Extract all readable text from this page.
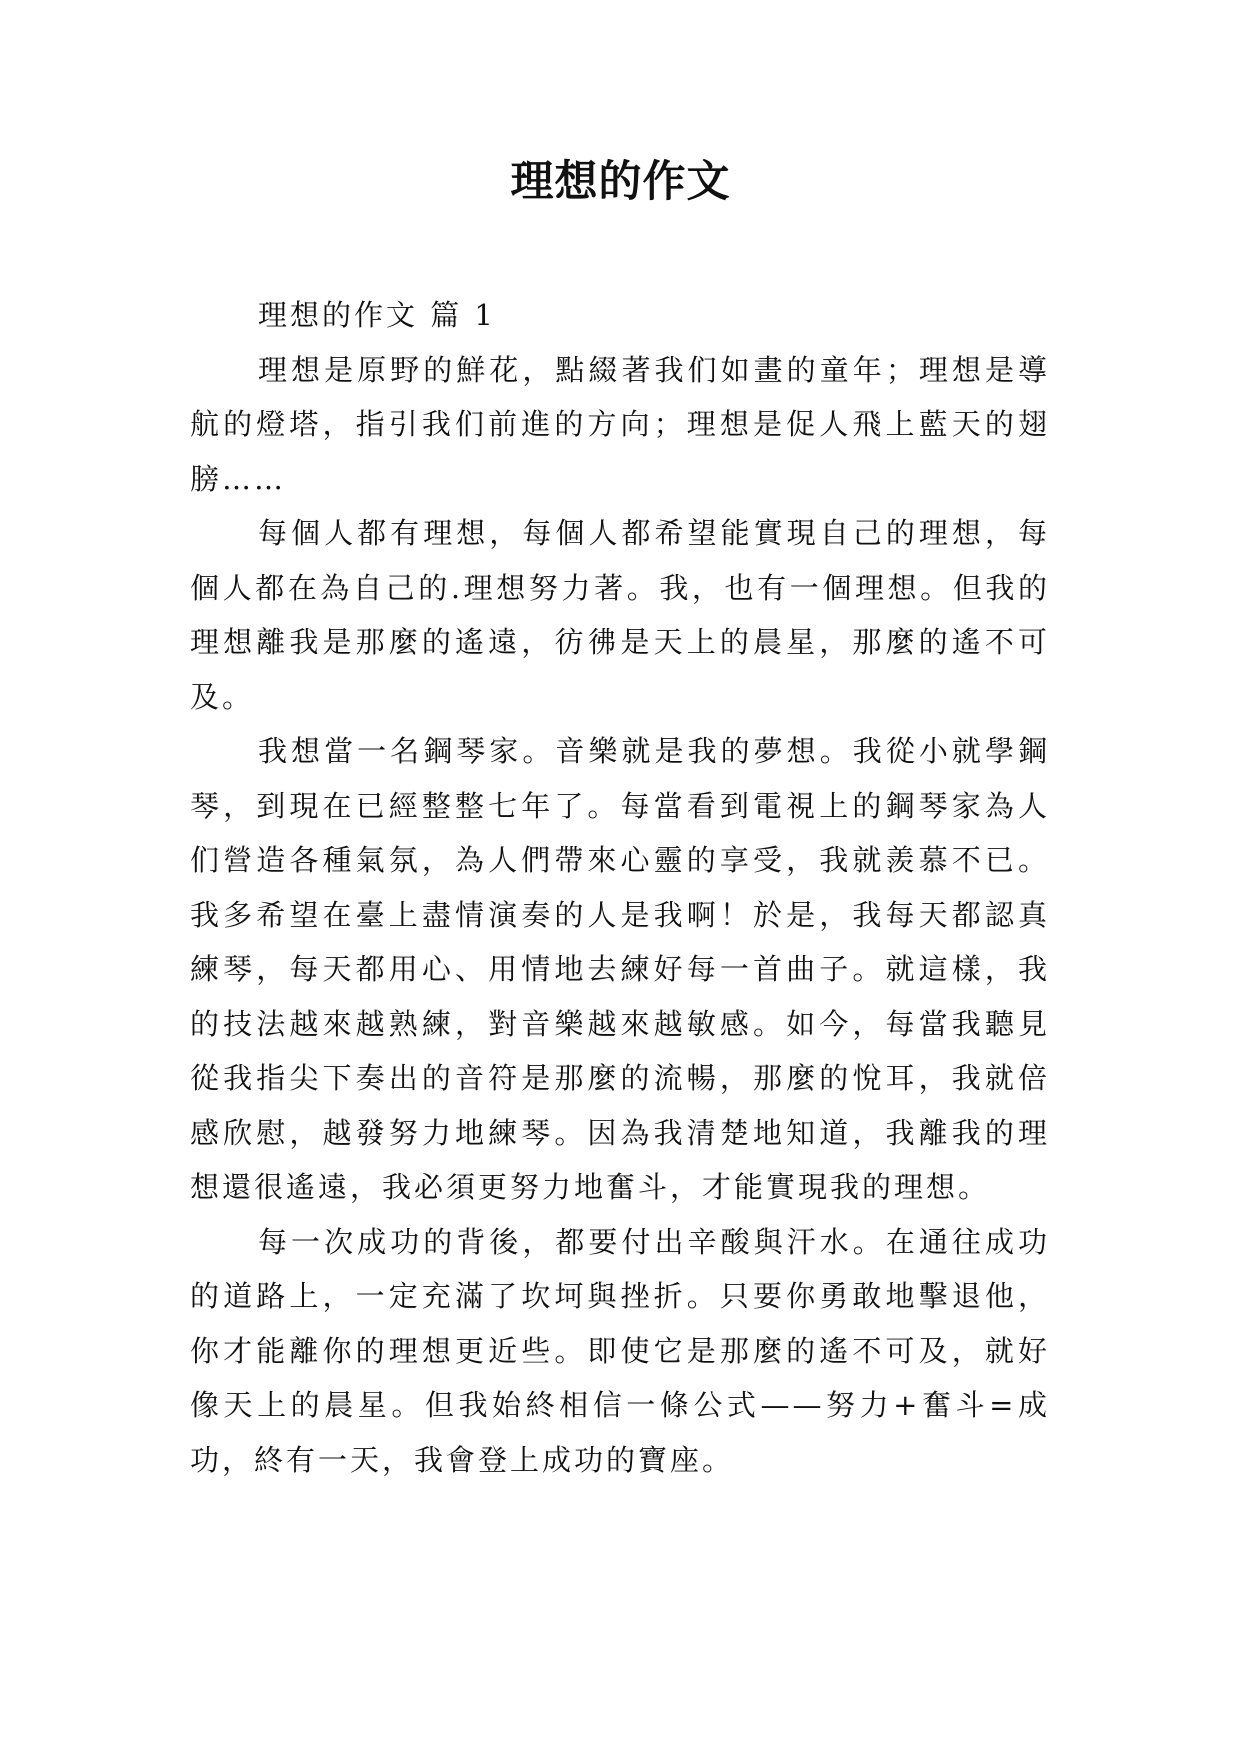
理想的作文

理想的作文 篇 1

理想是原野的鮮花，點綴著我们如畫的童年；理想是導航的燈塔，指引我们前進的方向；理想是促人飛上藍天的翅膀……

每個人都有理想，每個人都希望能實現自己的理想，每個人都在為自己的.理想努力著。我，也有一個理想。但我的理想離我是那麼的遙遠，彷彿是天上的晨星，那麼的遙不可及。

我想當一名鋼琴家。音樂就是我的夢想。我從小就學鋼琴，到現在已經整整七年了。每當看到電視上的鋼琴家為人们營造各種氣氛，為人們帶來心靈的享受，我就羨慕不已。我多希望在臺上盡情演奏的人是我啊！於是，我每天都認真練琴，每天都用心、用情地去練好每一首曲子。就這樣，我的技法越來越熟練，對音樂越來越敏感。如今，每當我聽見從我指尖下奏出的音符是那麼的流暢，那麼的悅耳，我就倍感欣慰，越發努力地練琴。因為我清楚地知道，我離我的理想還很遙遠，我必須更努力地奮斗，才能實現我的理想。

每一次成功的背後，都要付出辛酸與汗水。在通往成功的道路上，一定充滿了坎坷與挫折。只要你勇敢地擊退他，你才能離你的理想更近些。即使它是那麼的遙不可及，就好像天上的晨星。但我始終相信一條公式——努力+奮斗=成功，終有一天，我會登上成功的寶座。
